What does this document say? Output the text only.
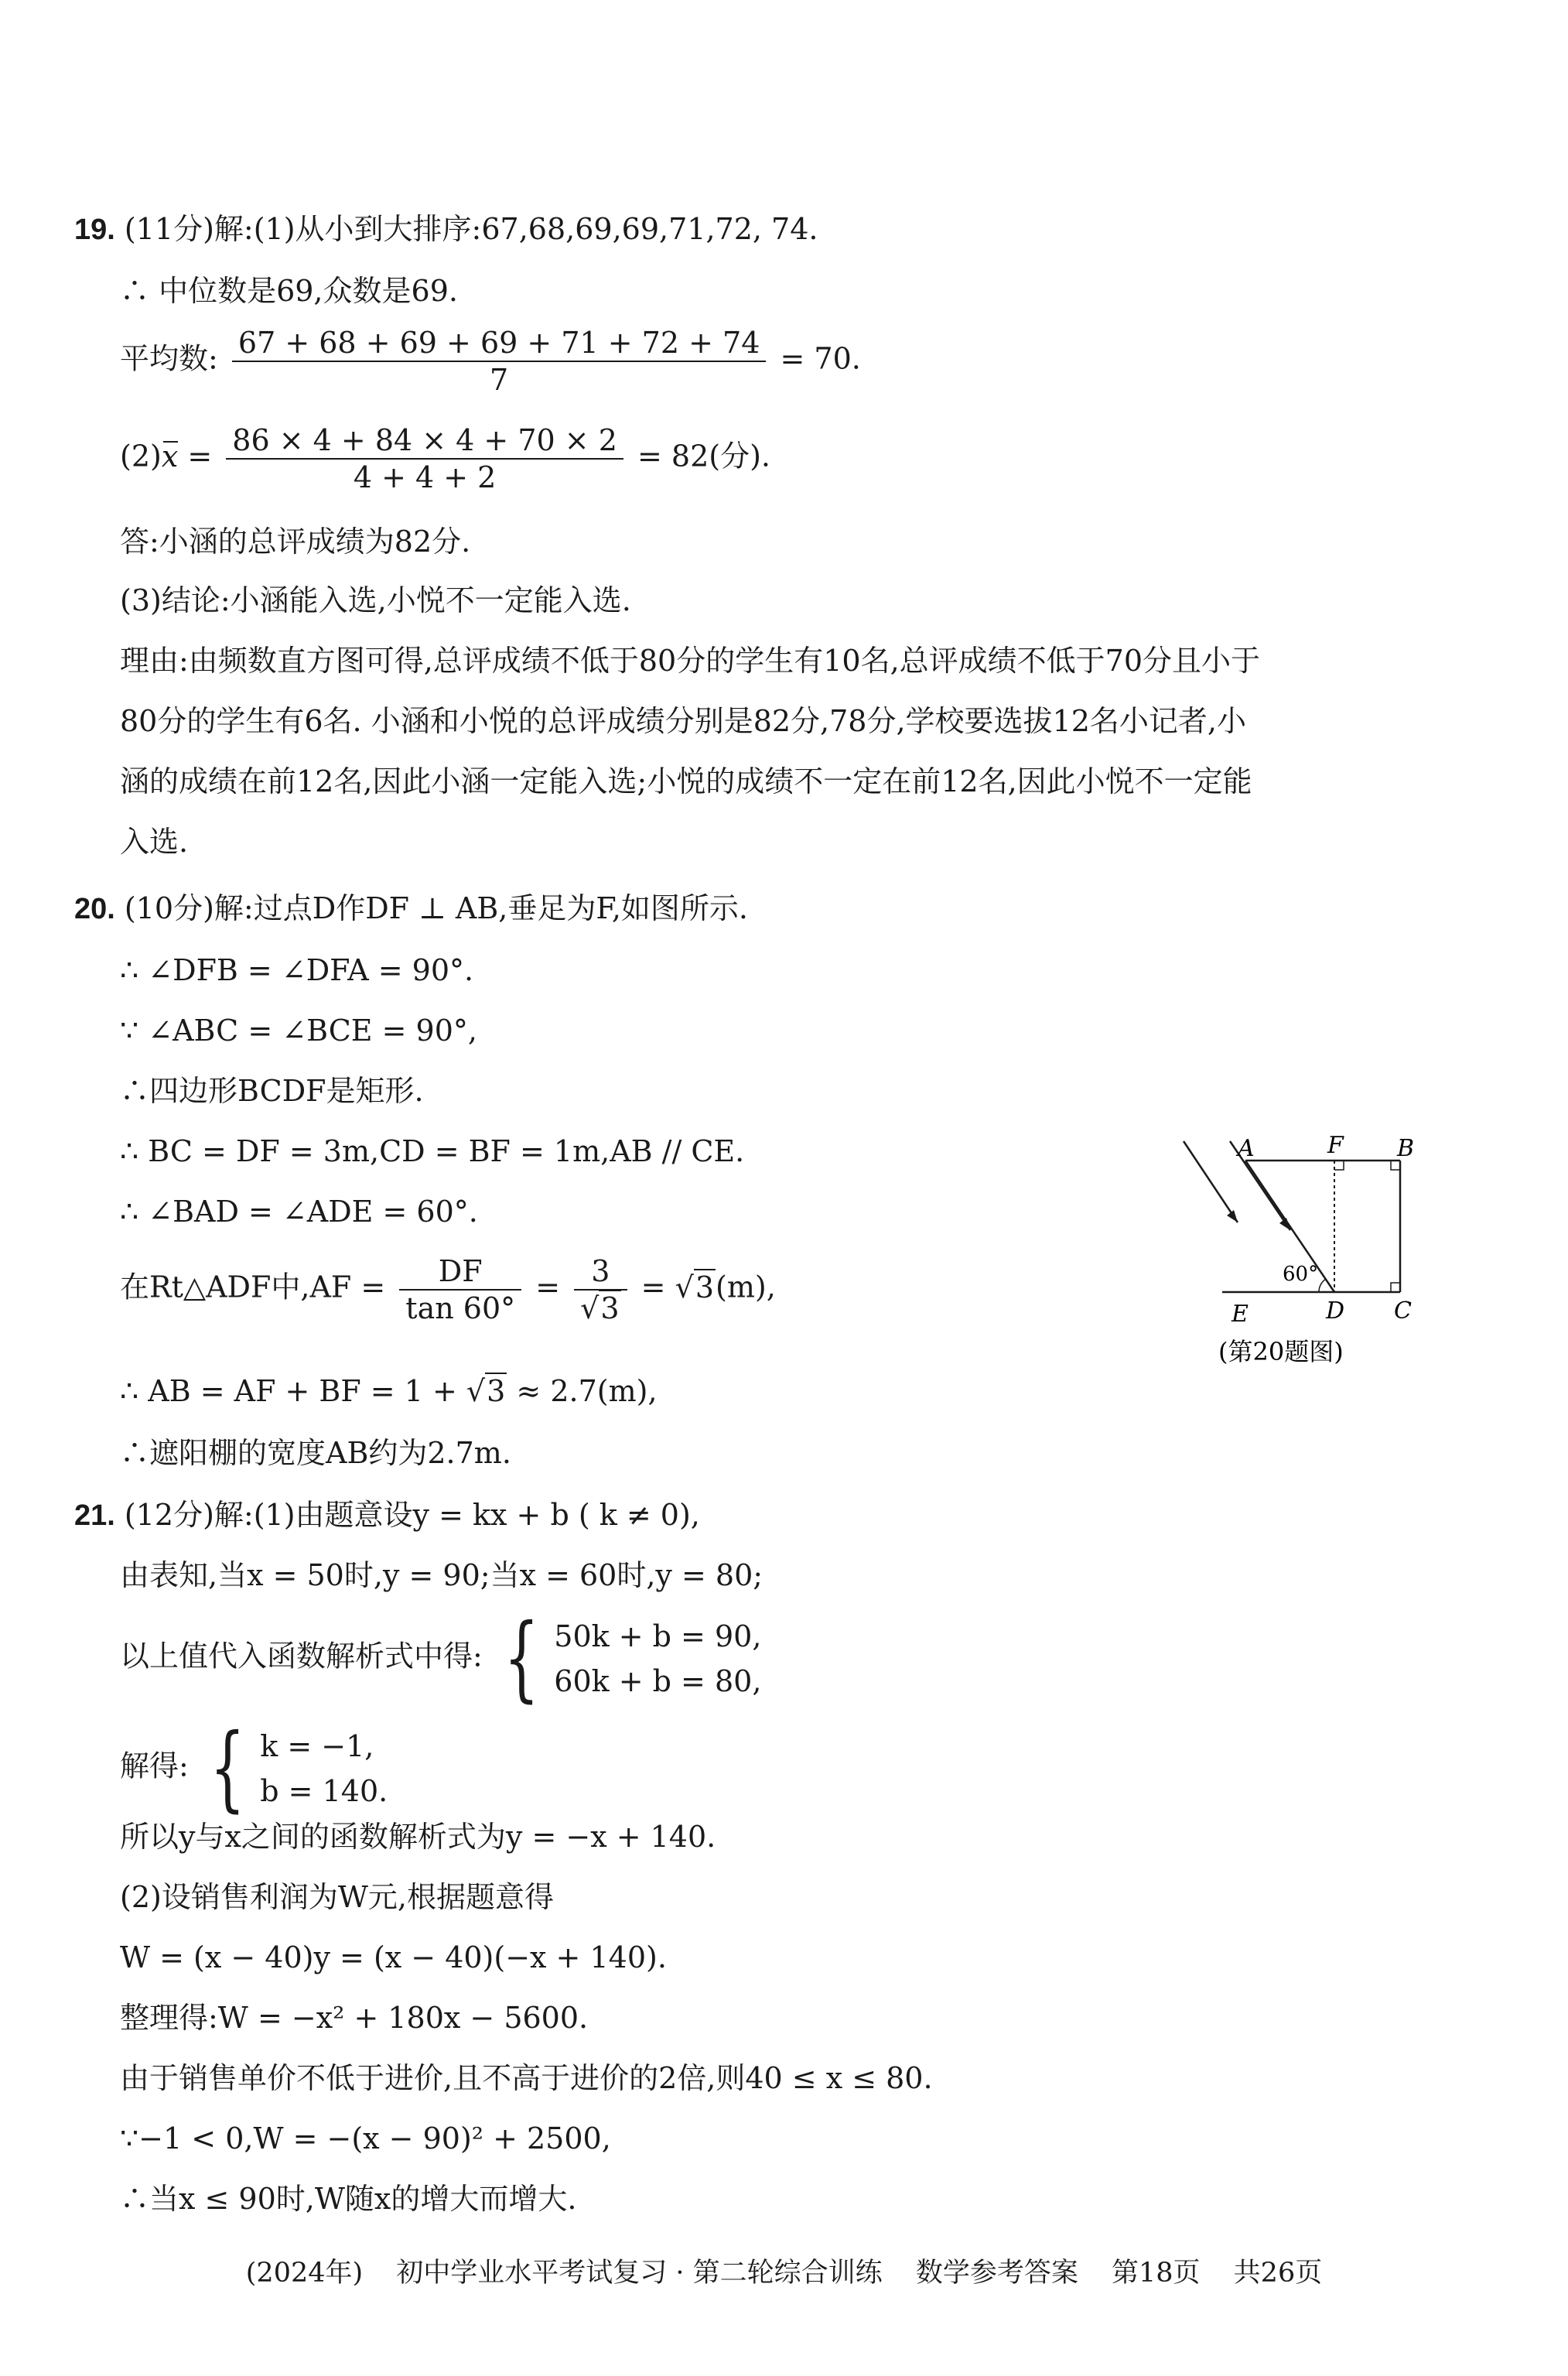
19. (11分)解:(1)从小到大排序:67,68,69,69,71,72, 74.
∴ 中位数是69,众数是69.
平均数: $\frac{67 + 68 + 69 + 69 + 71 + 72 + 74}{7} = 70$.
$(2)x = \frac{86 \times 4 + 84 \times 4 + 70 \times 2}{4 + 4 + 2} = 82$(分).
答:小涵的总评成绩为82分.
(3)结论:小涵能入选,小悦不一定能入选.
理由:由频数直方图可得,总评成绩不低于80分的学生有10名,总评成绩不低于70分且小于
80分的学生有6名. 小涵和小悦的总评成绩分别是82分,78分,学校要选拔12名小记者,小
涵的成绩在前12名,因此小涵一定能入选;小悦的成绩不一定在前12名,因此小悦不一定能
入选.
20. (10分)解:过点D作DF ⊥ AB,垂足为F,如图所示.
∴ ∠DFB = ∠DFA = 90°.
∵ ∠ABC = ∠BCE = 90°,
∴四边形BCDF是矩形.
∴ BC = DF = 3m,CD = BF = 1m,AB // CE.
∴ ∠BAD = ∠ADE = 60°.
在Rt△ADF中$,AF = \frac{DF}{\tan 60^\circ} = \frac{3}{√3} = √3(m)$,
∴ AB = AF + BF = 1 + √3 ≈ 2.7(m),
∴遮阳棚的宽度AB约为2.7m.
60°
A	F B
E	D C
(第20题图)
21. (12分)解:(1)由题意设y = kx + b ( k ≠ 0),
由表知,当x = 50时,y = 90;当x = 60时,y = 80;
以上值代入函数解析式中得: { 50k + b = 90,
60k + b = 80,
解得: { k = −1,
b = 140.
所以y与x之间的函数解析式为y = −x + 140.
(2)设销售利润为W元,根据题意得
W = (x − 40)y = (x − 40)(−x + 140).
整理得:W = −x² + 180x − 5600.
由于销售单价不低于进价,且不高于进价的2倍,则40 ≤ x ≤ 80.
∵−1 < 0,W = −(x − 90)² + 2500,
∴当x ≤ 90时,W随x的增大而增大.
(2024年) 初中学业水平考试复习 · 第二轮综合训练 数学参考答案 第18页 共26页
